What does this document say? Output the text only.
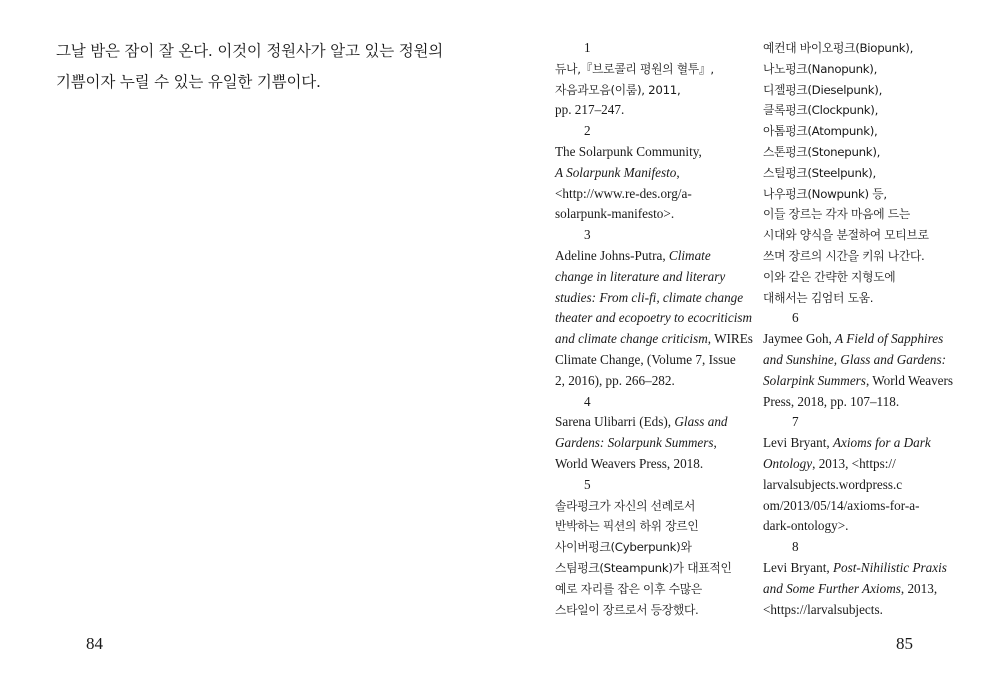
그날 밤은 잠이 잘 온다. 이것이 정원사가 알고 있는 정원의
기쁨이자 누릴 수 있는 유일한 기쁨이다.

84
1
듀나,『브로콜리 평원의 혈투』,
자음과모음(이룸), 2011,
pp. 217–247.
2
The Solarpunk Community,
A Solarpunk Manifesto,
<http://www.re-des.org/a-
solarpunk-manifesto>.
3
Adeline Johns-Putra, Climate
change in literature and literary
studies: From cli-fi, climate change
theater and ecopoetry to ecocriticism
and climate change criticism, WIREs
Climate Change, (Volume 7, Issue
2, 2016), pp. 266–282.
4
Sarena Ulibarri (Eds), Glass and
Gardens: Solarpunk Summers,
World Weavers Press, 2018.
5
솔라펑크가 자신의 선례로서
반박하는 픽션의 하위 장르인
사이버펑크(Cyberpunk)와
스팀펑크(Steampunk)가 대표적인
예로 자리를 잡은 이후 수많은
스타일이 장르로서 등장했다.
예컨대 바이오펑크(Biopunk),
나노펑크(Nanopunk),
디젤펑크(Dieselpunk),
클록펑크(Clockpunk),
아톰펑크(Atompunk),
스톤펑크(Stonepunk),
스틸펑크(Steelpunk),
나우펑크(Nowpunk) 등,
이들 장르는 각자 마음에 드는
시대와 양식을 분절하여 모티브로
쓰며 장르의 시간을 키워 나간다.
이와 같은 간략한 지형도에
대해서는 김엄터 도움.
6
Jaymee Goh, A Field of Sapphires
and Sunshine, Glass and Gardens:
Solarpink Summers, World Weavers
Press, 2018, pp. 107–118.
7
Levi Bryant, Axioms for a Dark
Ontology, 2013, <https://
larvalsubjects.wordpress.c
om/2013/05/14/axioms-for-a-
dark-ontology>.
8
Levi Bryant, Post-Nihilistic Praxis
and Some Further Axioms, 2013,
<https://larvalsubjects.
85
